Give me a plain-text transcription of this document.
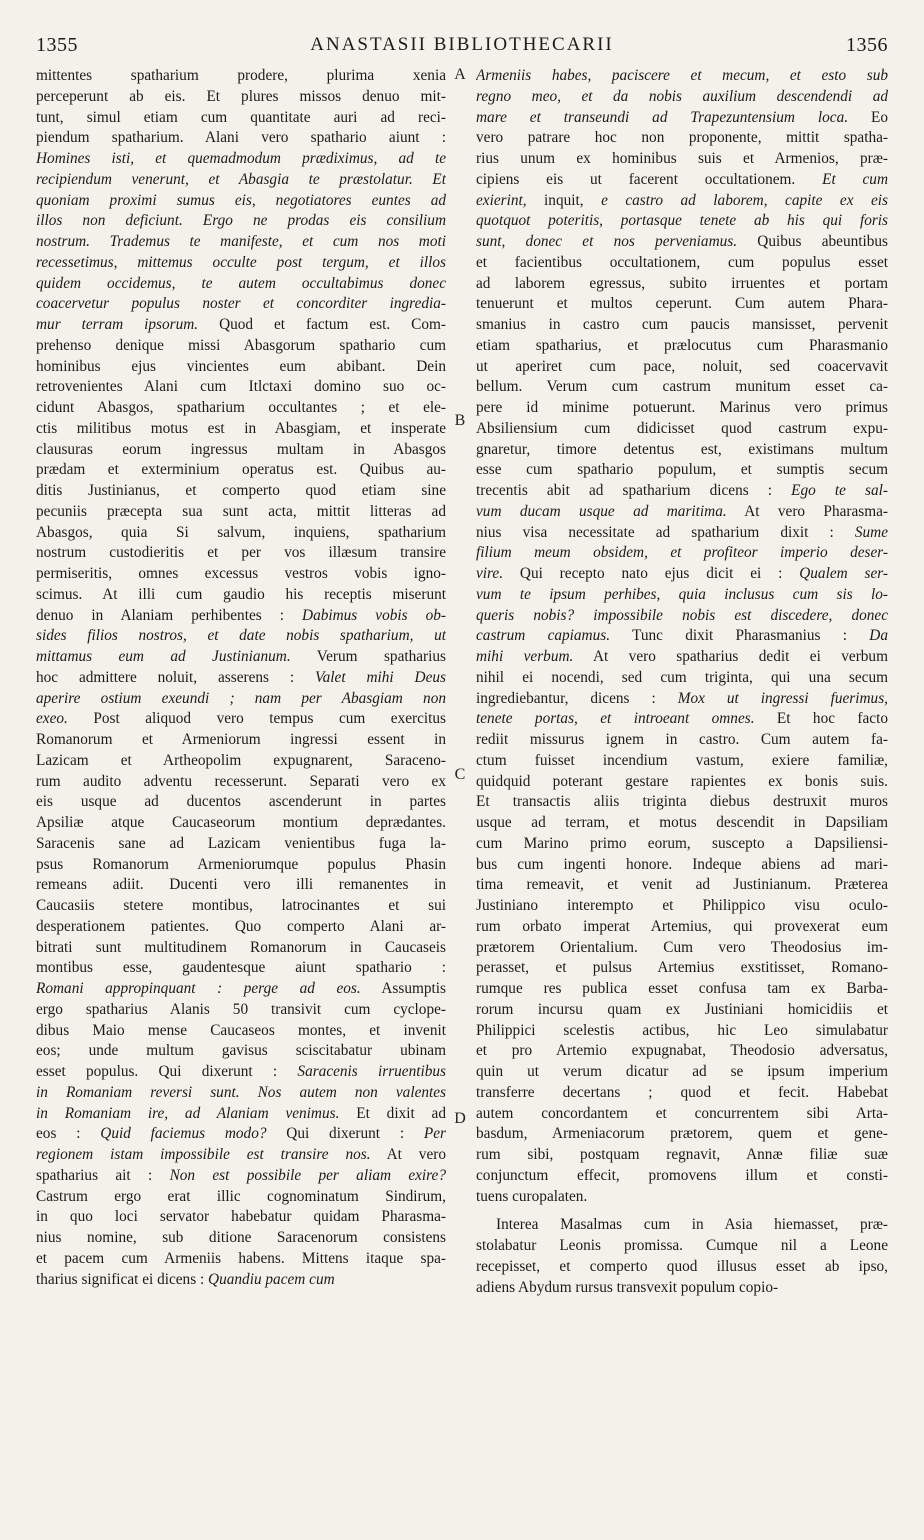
1355	ANASTASII BIBLIOTHECARII	1356
mittentes spatharium prodere, plurima xenia
perceperunt ab eis. Et plures missos denuo mit-
tunt, simul etiam cum quantitate auri ad reci-
piendum spatharium. Alani vero spathario aiunt :
Homines isti, et quemadmodum prædiximus, ad te
recipiendum venerunt, et Abasgia te præstolatur. Et
quoniam proximi sumus eis, negotiatores euntes ad
illos non deficiunt. Ergo ne prodas eis consilium
nostrum. Trademus te manifeste, et cum nos moti
recessetimus, mittemus occulte post tergum, et illos
quidem occidemus, te autem occultabimus donec
coacervetur populus noster et concorditer ingredia-
mur terram ipsorum. Quod et factum est. Com-
prehenso denique missi Abasgorum spathario cum
hominibus ejus vincientes eum abibant. Dein
retrovenientes Alani cum Itlctaxi domino suo oc-
cidunt Abasgos, spatharium occultantes ; et ele-
ctis militibus motus est in Abasgiam, et insperate
clausuras eorum ingressus multam in Abasgos
prædam et exterminium operatus est. Quibus au-
ditis Justinianus, et comperto quod etiam sine
pecuniis præcepta sua sunt acta, mittit litteras ad
Abasgos, quia Si salvum, inquiens, spatharium
nostrum custodieritis et per vos illæsum transire
permiseritis, omnes excessus vestros vobis igno-
scimus. At illi cum gaudio his receptis miserunt
denuo in Alaniam perhibentes : Dabimus vobis ob-
sides filios nostros, et date nobis spatharium, ut
mittamus eum ad Justinianum. Verum spatharius
hoc admittere noluit, asserens : Valet mihi Deus
aperire ostium exeundi ; nam per Abasgiam non
exeo. Post aliquod vero tempus cum exercitus
Romanorum et Armeniorum ingressi essent in
Lazicam et Artheopolim expugnarent, Saraceno-
rum audito adventu recesserunt. Separati vero ex
eis usque ad ducentos ascenderunt in partes
Apsiliæ atque Caucaseorum montium deprædantes.
Saracenis sane ad Lazicam venientibus fuga la-
psus Romanorum Armeniorumque populus Phasin
remeans adiit. Ducenti vero illi remanentes in
Caucasiis stetere montibus, latrocinantes et sui
desperationem patientes. Quo comperto Alani ar-
bitrati sunt multitudinem Romanorum in Caucaseis
montibus esse, gaudentesque aiunt spathario :
Romani appropinquant : perge ad eos. Assumptis
ergo spatharius Alanis 50 transivit cum cyclope-
dibus Maio mense Caucaseos montes, et invenit
eos; unde multum gavisus sciscitabatur ubinam
esset populus. Qui dixerunt : Saracenis irruentibus
in Romaniam reversi sunt. Nos autem non valentes
in Romaniam ire, ad Alaniam venimus. Et dixit ad
eos : Quid faciemus modo? Qui dixerunt : Per
regionem istam impossibile est transire nos. At vero
spatharius ait : Non est possibile per aliam exire?
Castrum ergo erat illic cognominatum Sindirum,
in quo loci servator habebatur quidam Pharasma-
nius nomine, sub ditione Saracenorum consistens
et pacem cum Armeniis habens. Mittens itaque spa-
tharius significat ei dicens : Quandiu pacem cum
Armeniis habes, paciscere et mecum, et esto sub
regno meo, et da nobis auxilium descendendi ad
mare et transeundi ad Trapezuntensium loca. Eo
vero patrare hoc non proponente, mittit spatha-
rius unum ex hominibus suis et Armenios, præ-
cipiens eis ut facerent occultationem. Et cum
exierint, inquit, e castro ad laborem, capite ex eis
quotquot poteritis, portasque tenete ab his qui foris
sunt, donec et nos perveniamus. Quibus abeuntibus
et facientibus occultationem, cum populus esset
ad laborem egressus, subito irruentes et portam
tenuerunt et multos ceperunt. Cum autem Phara-
smanius in castro cum paucis mansisset, pervenit
etiam spatharius, et prælocutus cum Pharasmanio
ut aperiret cum pace, noluit, sed coacervavit
bellum. Verum cum castrum munitum esset ca-
pere id minime potuerunt. Marinus vero primus
Absiliensium cum didicisset quod castrum expu-
gnaretur, timore detentus est, existimans multum
esse cum spathario populum, et sumptis secum
trecentis abit ad spatharium dicens : Ego te sal-
vum ducam usque ad maritima. At vero Pharasma-
nius visa necessitate ad spatharium dixit : Sume
filium meum obsidem, et profiteor imperio deser-
vire. Qui recepto nato ejus dicit ei : Qualem ser-
vum te ipsum perhibes, quia inclusus cum sis lo-
queris nobis? impossibile nobis est discedere, donec
castrum capiamus. Tunc dixit Pharasmanius : Da
mihi verbum. At vero spatharius dedit ei verbum
nihil ei nocendi, sed cum triginta, qui una secum
ingrediebantur, dicens : Mox ut ingressi fuerimus,
tenete portas, et introeant omnes. Et hoc facto
rediit missurus ignem in castro. Cum autem fa-
ctum fuisset incendium vastum, exiere familiæ,
quidquid poterant gestare rapientes ex bonis suis.
Et transactis aliis triginta diebus destruxit muros
usque ad terram, et motus descendit in Dapsiliam
cum Marino primo eorum, suscepto a Dapsiliensi-
bus cum ingenti honore. Indeque abiens ad mari-
tima remeavit, et venit ad Justinianum. Præterea
Justiniano interempto et Philippico visu oculo-
rum orbato imperat Artemius, qui provexerat eum
prætorem Orientalium. Cum vero Theodosius im-
perasset, et pulsus Artemius exstitisset, Romano-
rumque res publica esset confusa tam ex Barba-
rorum incursu quam ex Justiniani homicidiis et
Philippici scelestis actibus, hic Leo simulabatur
et pro Artemio expugnabat, Theodosio adversatus,
quin ut verum dicatur ad se ipsum imperium
transferre decertans ; quod et fecit. Habebat
autem concordantem et concurrentem sibi Arta-
basdum, Armeniacorum prætorem, quem et gene-
rum sibi, postquam regnavit, Annæ filiæ suæ
conjunctum effecit, promovens illum et consti-
tuens curopalaten.
Interea Masalmas cum in Asia hiemasset, præ-
stolabatur Leonis promissa. Cumque nil a Leone
recepisset, et comperto quod illusus esset ab ipso,
adiens Abydum rursus transvexit populum copio-
A
B
C
D
